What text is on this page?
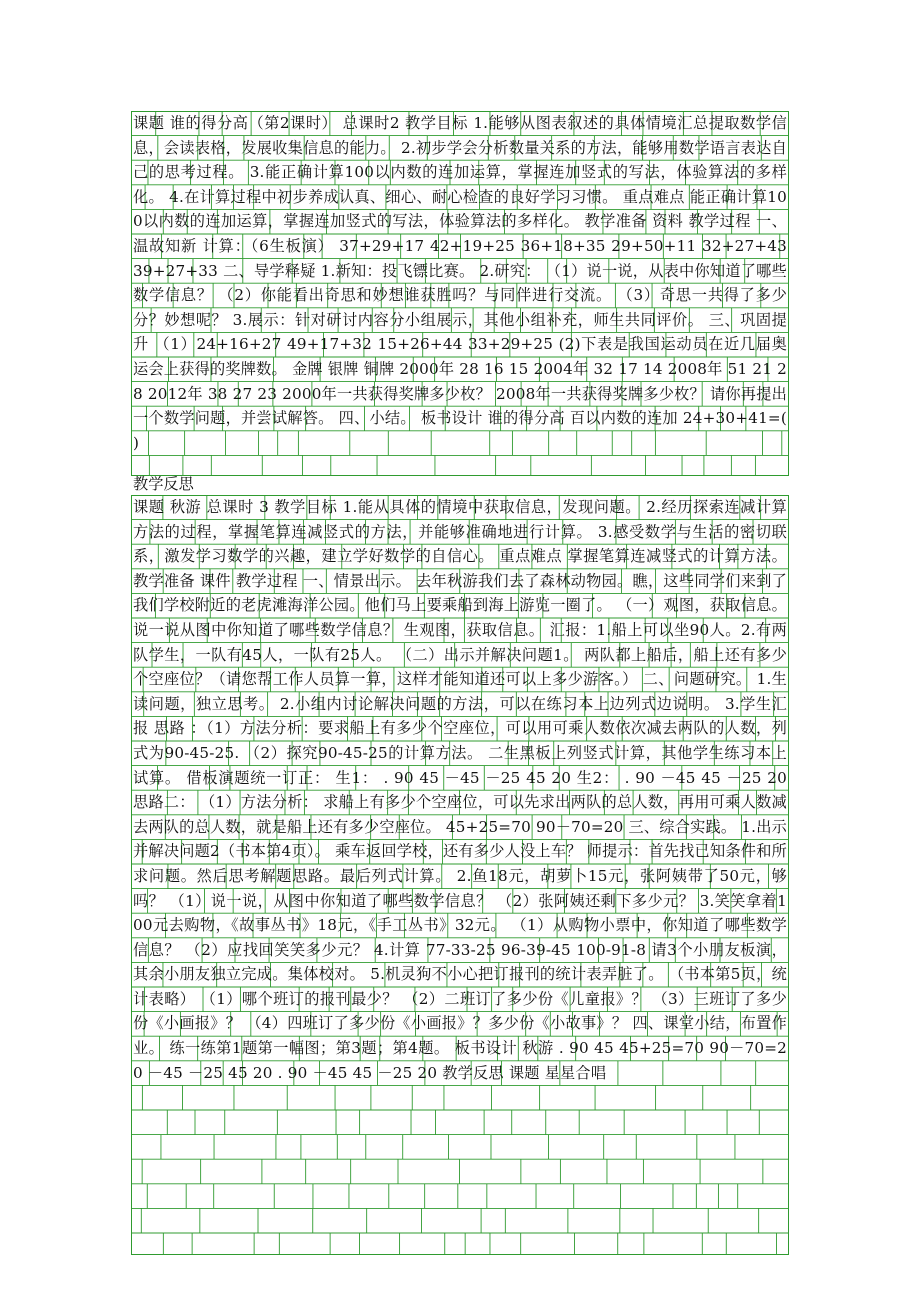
课题 谁的得分高（第2课时） 总课时2 教学目标 1.能够从图表叙述的具体情境汇总提取数学信息，会读表格，发展收集信息的能力。 2.初步学会分析数量关系的方法，能够用数学语言表达自己的思考过程。 3.能正确计算100以内数的连加运算，掌握连加竖式的写法，体验算法的多样化。 4.在计算过程中初步养成认真、细心、耐心检查的良好学习习惯。 重点难点 能正确计算100以内数的连加运算，掌握连加竖式的写法，体验算法的多样化。 教学准备 资料 教学过程 一、温故知新 计算：（6生板演） 37+29+17 42+19+25 36+18+35 29+50+11 32+27+43 39+27+33 二、导学释疑 1.新知：投飞镖比赛。 2.研究： （1）说一说，从表中你知道了哪些数学信息？ （2）你能看出奇思和妙想谁获胜吗？与同伴进行交流。 （3）奇思一共得了多少分？妙想呢？ 3.展示：针对研讨内容分小组展示，其他小组补充，师生共同评价。 三、巩固提升 （1）24+16+27 49+17+32 15+26+44 33+29+25 (2)下表是我国运动员在近几届奥运会上获得的奖牌数。 金牌 银牌 铜牌 2000年 28 16 15 2004年 32 17 14 2008年 51 21 28 2012年 38 27 23 2000年一共获得奖牌多少枚？ 2008年一共获得奖牌多少枚？ 请你再提出一个数学问题，并尝试解答。 四、小结。 板书设计 谁的得分高 百以内数的连加 24+30+41=( )
教学反思
课题 秋游 总课时 3 教学目标 1.能从具体的情境中获取信息，发现问题。 2.经历探索连减计算方法的过程，掌握笔算连减竖式的方法，并能够准确地进行计算。 3.感受数学与生活的密切联系，激发学习数学的兴趣，建立学好数学的自信心。 重点难点 掌握笔算连减竖式的计算方法。 教学准备 课件 教学过程 一、情景出示。 去年秋游我们去了森林动物园。瞧，这些同学们来到了我们学校附近的老虎滩海洋公园。他们马上要乘船到海上游览一圈了。 （一）观图，获取信息。 说一说从图中你知道了哪些数学信息？ 生观图，获取信息。 汇报：1.船上可以坐90人。2.有两队学生，一队有45人，一队有25人。 （二）出示并解决问题1。 两队都上船后，船上还有多少个空座位？（请您帮工作人员算一算，这样才能知道还可以上多少游客。） 二、问题研究。 1.生读问题，独立思考。 2.小组内讨论解决问题的方法，可以在练习本上边列式边说明。 3.学生汇报 思路 ：（1）方法分析：要求船上有多少个空座位，可以用可乘人数依次减去两队的人数，列式为90-45-25. （2）探究90-45-25的计算方法。 二生黑板上列竖式计算，其他学生练习本上试算。 借板演题统一订正： 生1： . 90 45 －45 －25 45 20 生2： . 90 －45 45 －25 20 思路二： （1）方法分析： 求船上有多少个空座位，可以先求出两队的总人数，再用可乘人数减去两队的总人数，就是船上还有多少空座位。 45+25=70 90－70=20 三、综合实践。 1.出示并解决问题2（书本第4页）。 乘车返回学校，还有多少人没上车？ 师提示：首先找已知条件和所求问题。然后思考解题思路。最后列式计算。 2.鱼18元，胡萝卜15元，张阿姨带了50元，够吗？ （1）说一说，从图中你知道了哪些数学信息？ （2）张阿姨还剩下多少元？ 3.笑笑拿着100元去购物，《故事丛书》18元，《手工丛书》32元。 （1）从购物小票中，你知道了哪些数学信息？ （2）应找回笑笑多少元？ 4.计算 77-33-25 96-39-45 100-91-8 请3个小朋友板演，其余小朋友独立完成。集体校对。 5.机灵狗不小心把订报刊的统计表弄脏了。 （书本第5页，统计表略） （1）哪个班订的报刊最少？ （2）二班订了多少份《儿童报》？ （3）三班订了多少份《小画报》？ （4）四班订了多少份《小画报》？多少份《小故事》？ 四、课堂小结，布置作业。 练一练第1题第一幅图；第3题；第4题。 板书设计 秋游 . 90 45 45+25=70 90－70=20 －45 －25 45 20 . 90 －45 45 －25 20 教学反思 课题 星星合唱
